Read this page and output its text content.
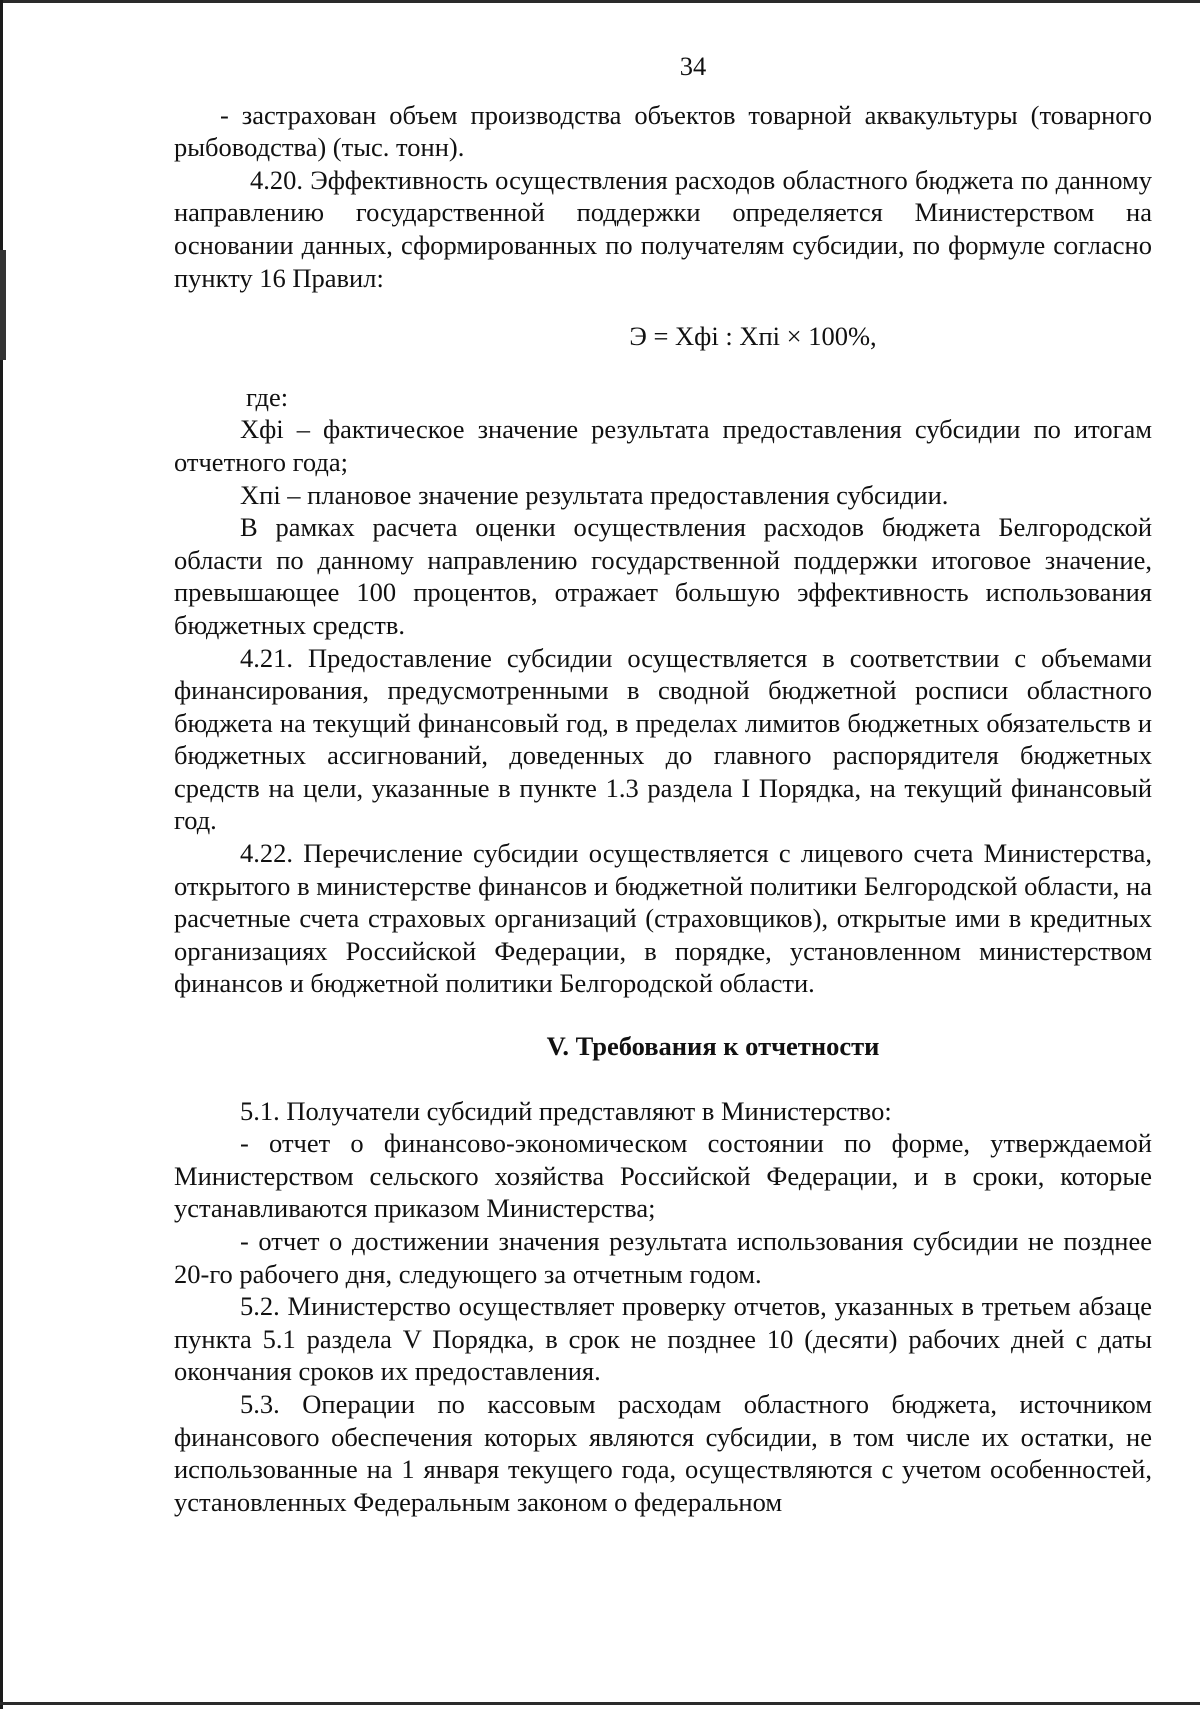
34

- застрахован объем производства объектов товарной аквакультуры (товарного рыбоводства) (тыс. тонн).

4.20. Эффективность осуществления расходов областного бюджета по данному направлению государственной поддержки определяется Министерством на основании данных, сформированных по получателям субсидии, по формуле согласно пункту 16 Правил:

Э = Хфi : Хпi × 100%,

где:

Хфi – фактическое значение результата предоставления субсидии по итогам отчетного года;

Хпi – плановое значение результата предоставления субсидии.

В рамках расчета оценки осуществления расходов бюджета Белгородской области по данному направлению государственной поддержки итоговое значение, превышающее 100 процентов, отражает большую эффективность использования бюджетных средств.

4.21. Предоставление субсидии осуществляется в соответствии с объемами финансирования, предусмотренными в сводной бюджетной росписи областного бюджета на текущий финансовый год, в пределах лимитов бюджетных обязательств и бюджетных ассигнований, доведенных до главного распорядителя бюджетных средств на цели, указанные в пункте 1.3 раздела I Порядка, на текущий финансовый год.

4.22. Перечисление субсидии осуществляется с лицевого счета Министерства, открытого в министерстве финансов и бюджетной политики Белгородской области, на расчетные счета страховых организаций (страховщиков), открытые ими в кредитных организациях Российской Федерации, в порядке, установленном министерством финансов и бюджетной политики Белгородской области.

V. Требования к отчетности

5.1. Получатели субсидий представляют в Министерство:

- отчет о финансово-экономическом состоянии по форме, утверждаемой Министерством сельского хозяйства Российской Федерации, и в сроки, которые устанавливаются приказом Министерства;

- отчет о достижении значения результата использования субсидии не позднее 20-го рабочего дня, следующего за отчетным годом.

5.2. Министерство осуществляет проверку отчетов, указанных в третьем абзаце пункта 5.1 раздела V Порядка, в срок не позднее 10 (десяти) рабочих дней с даты окончания сроков их предоставления.

5.3. Операции по кассовым расходам областного бюджета, источником финансового обеспечения которых являются субсидии, в том числе их остатки, не использованные на 1 января текущего года, осуществляются с учетом особенностей, установленных Федеральным законом о федеральном
